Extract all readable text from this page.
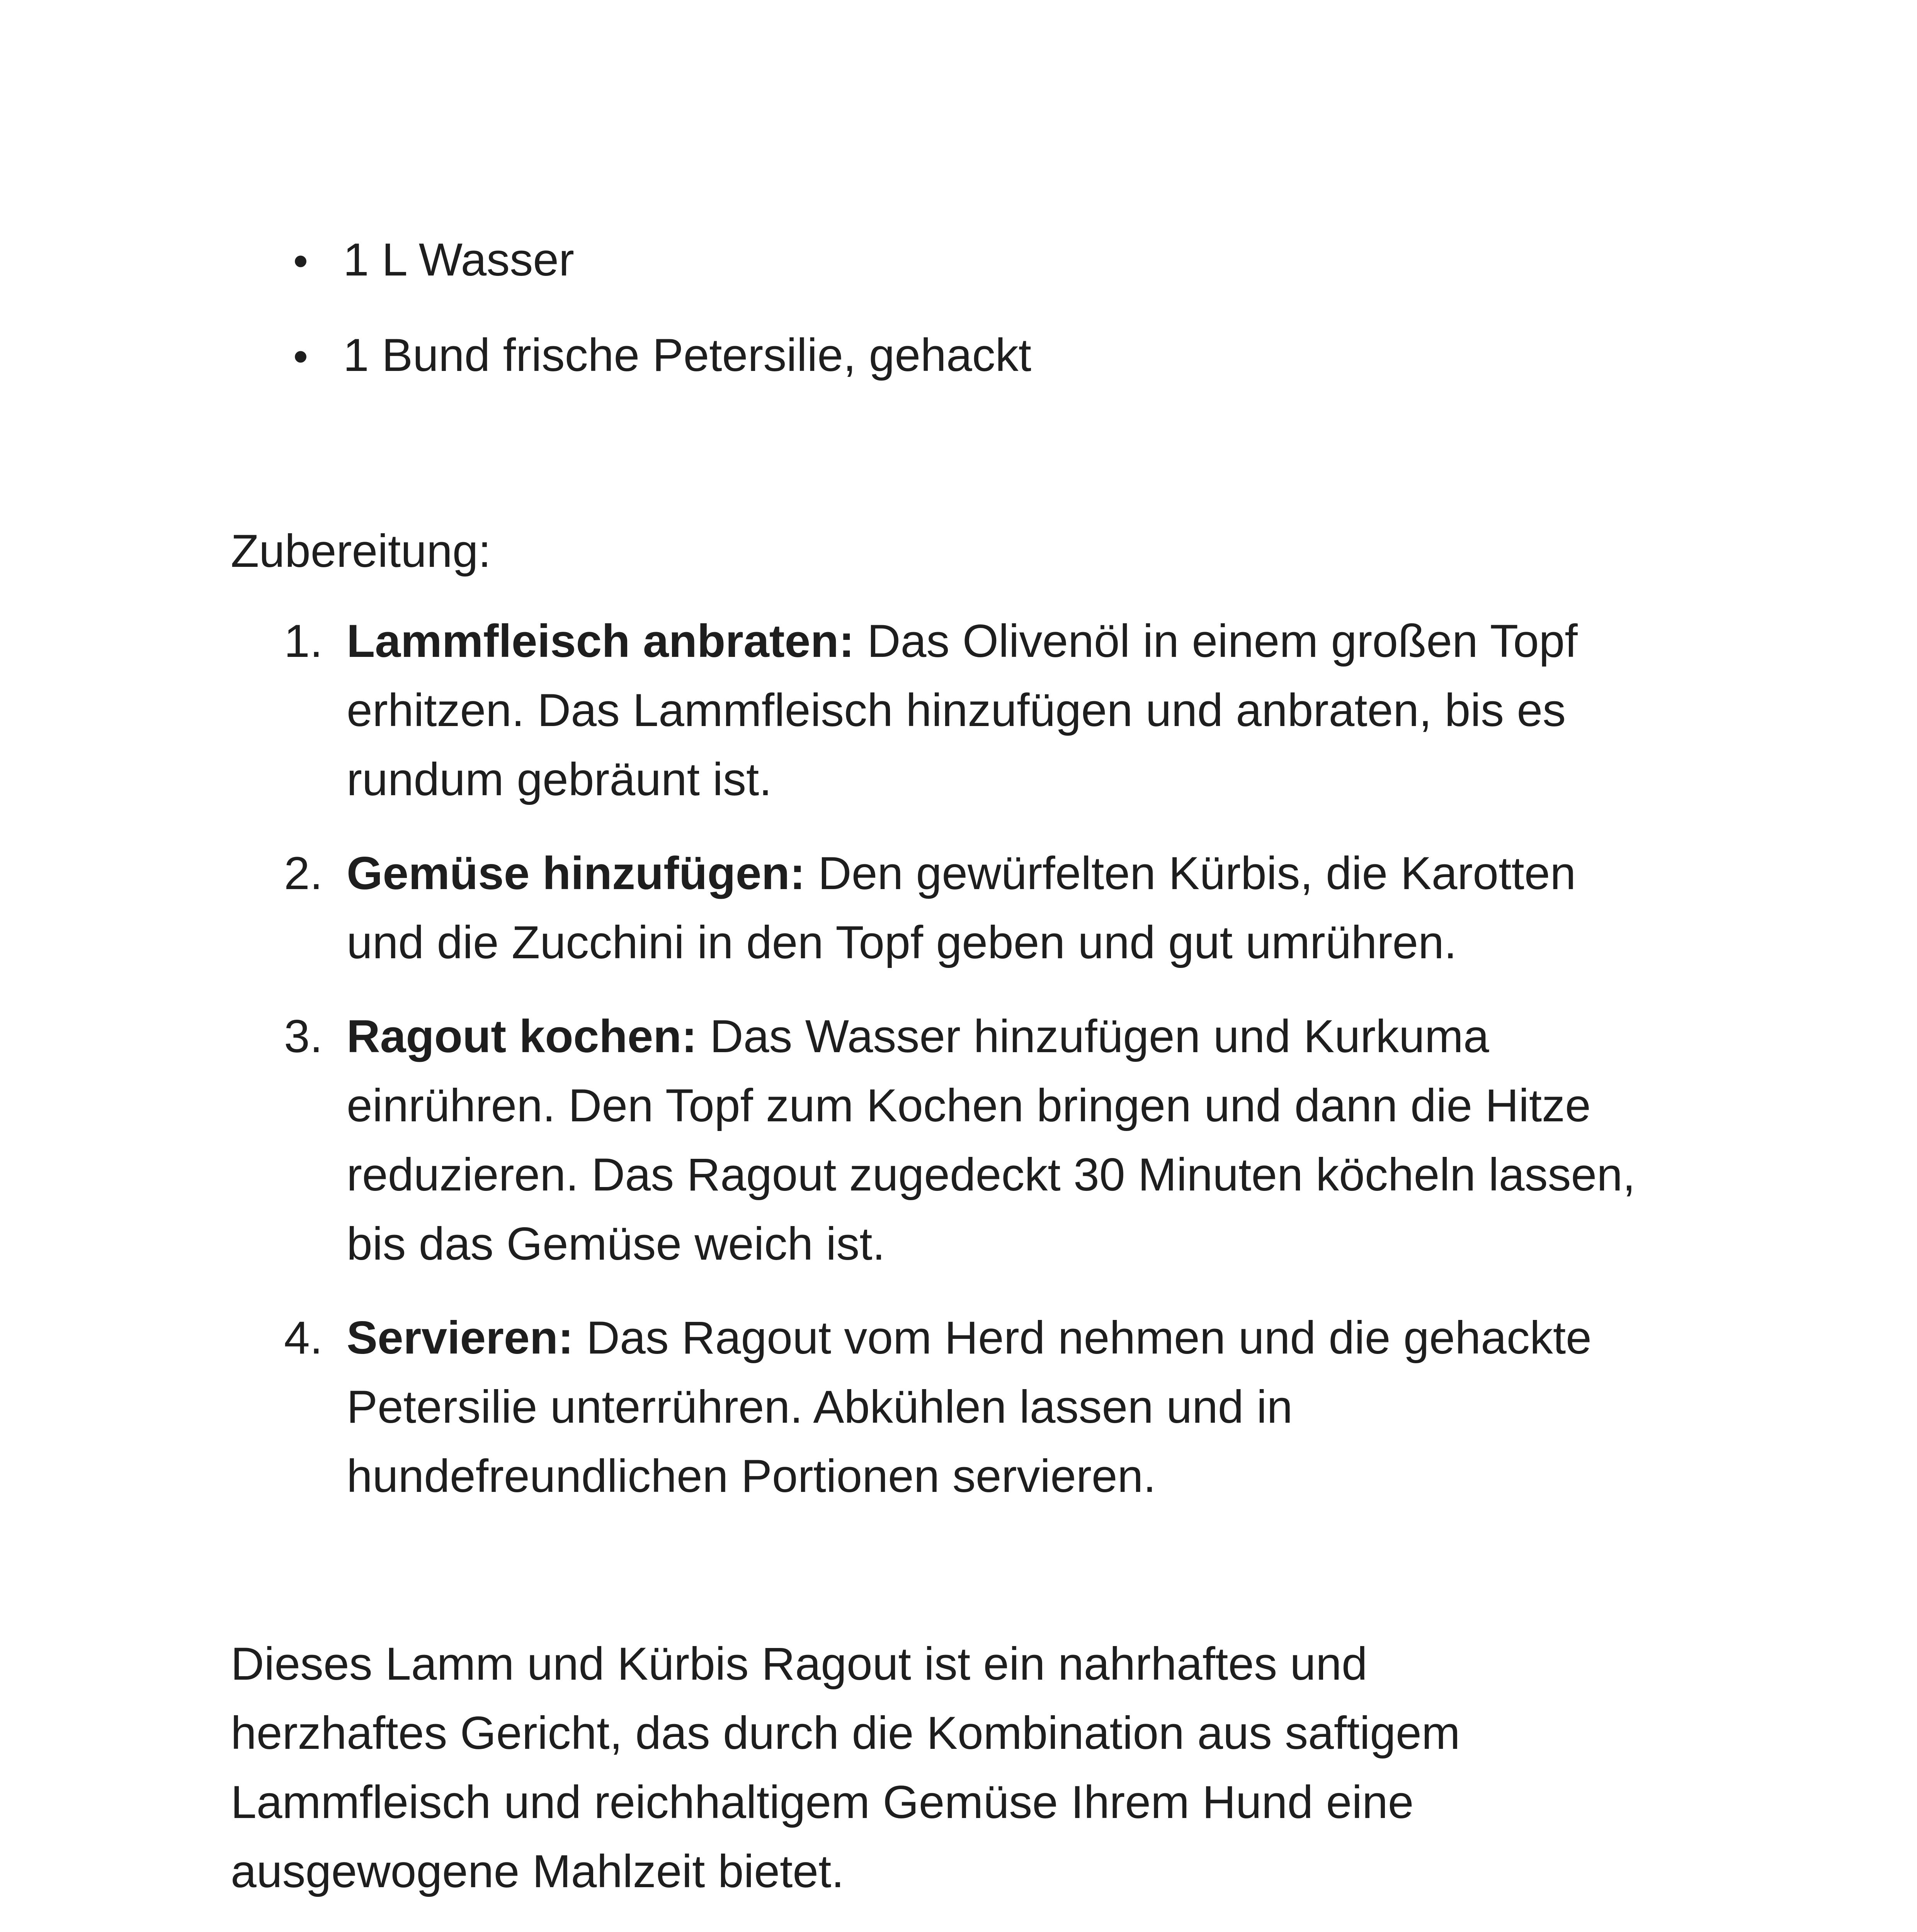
•
1 L Wasser
•
1 Bund frische Petersilie, gehackt
Zubereitung:
1. Lammfleisch anbraten: Das Olivenöl in einem großen Topf
erhitzen. Das Lammfleisch hinzufügen und anbraten, bis es
rundum gebräunt ist.
2. Gemüse hinzufügen: Den gewürfelten Kürbis, die Karotten
und die Zucchini in den Topf geben und gut umrühren.
3. Ragout kochen: Das Wasser hinzufügen und Kurkuma
einrühren. Den Topf zum Kochen bringen und dann die Hitze
reduzieren. Das Ragout zugedeckt 30 Minuten köcheln lassen,
bis das Gemüse weich ist.
4. Servieren: Das Ragout vom Herd nehmen und die gehackte
Petersilie unterrühren. Abkühlen lassen und in
hundefreundlichen Portionen servieren.
Dieses Lamm und Kürbis Ragout ist ein nahrhaftes und
herzhaftes Gericht, das durch die Kombination aus saftigem
Lammfleisch und reichhaltigem Gemüse Ihrem Hund eine
ausgewogene Mahlzeit bietet.
